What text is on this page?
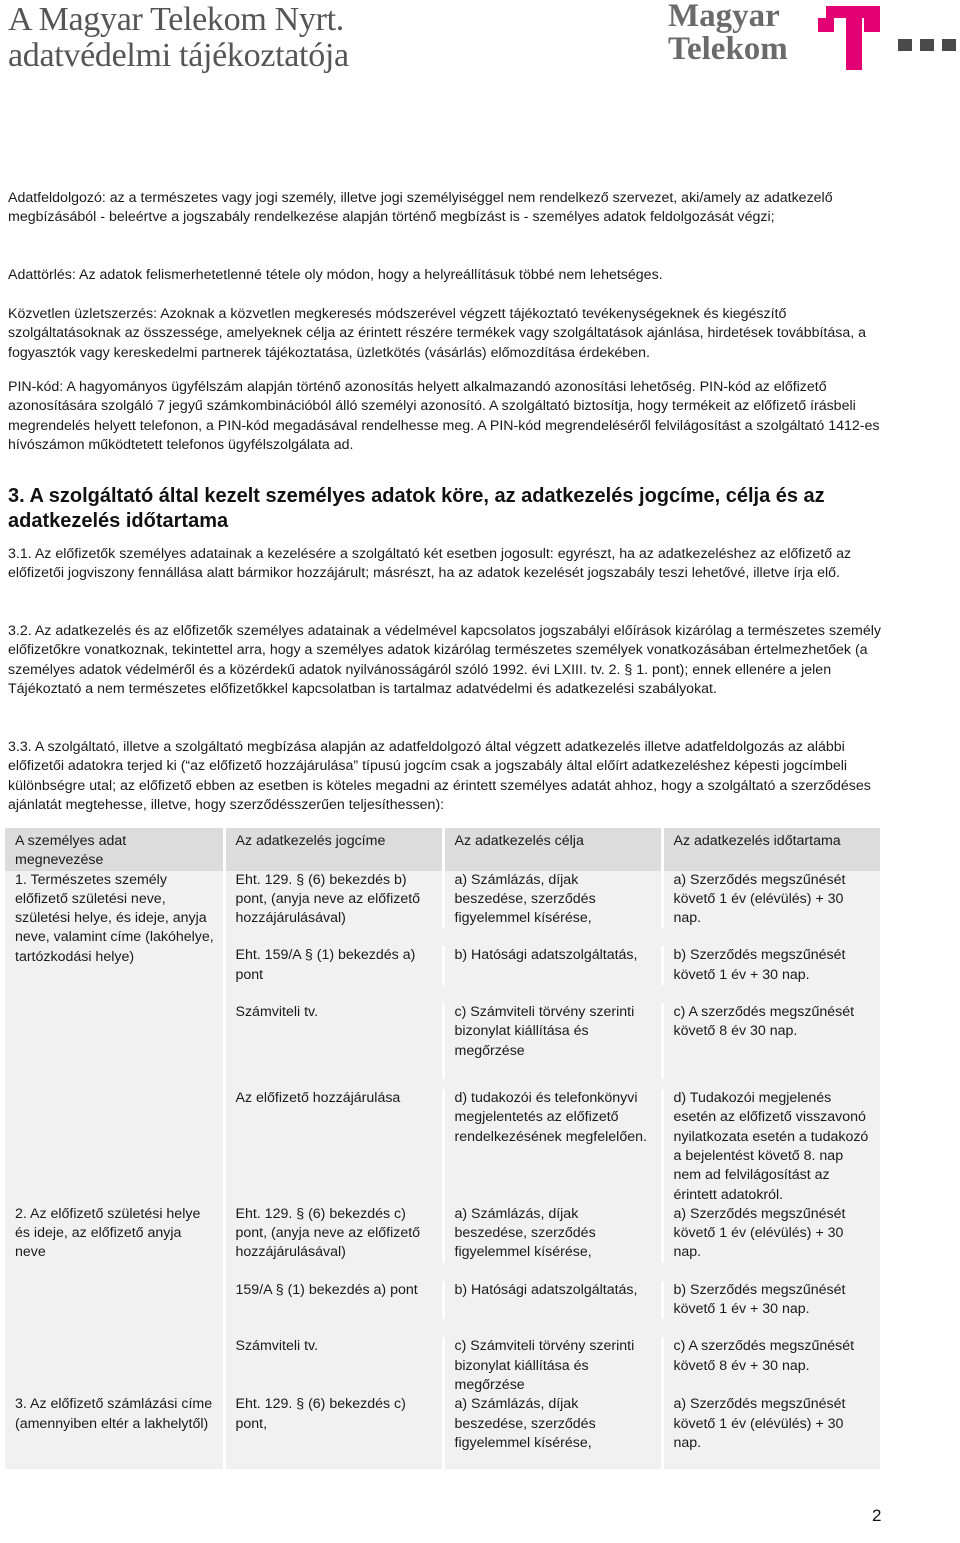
A Magyar Telekom Nyrt.
adatvédelmi tájékoztatója
Magyar
Telekom

Adatfeldolgozó: az a természetes vagy jogi személy, illetve jogi személyiséggel nem rendelkező szervezet, aki/amely az adatkezelő megbízásából - beleértve a jogszabály rendelkezése alapján történő megbízást is - személyes adatok feldolgozását végzi;

Adattörlés: Az adatok felismerhetetlenné tétele oly módon, hogy a helyreállításuk többé nem lehetséges.

Közvetlen üzletszerzés: Azoknak a közvetlen megkeresés módszerével végzett tájékoztató tevékenységeknek és kiegészítő szolgáltatásoknak az összessége, amelyeknek célja az érintett részére termékek vagy szolgáltatások ajánlása, hirdetések továbbítása, a fogyasztók vagy kereskedelmi partnerek tájékoztatása, üzletkötés (vásárlás) előmozdítása érdekében.

PIN-kód: A hagyományos ügyfélszám alapján történő azonosítás helyett alkalmazandó azonosítási lehetőség. PIN-kód az előfizető azonosítására szolgáló 7 jegyű számkombinációból álló személyi azonosító. A szolgáltató biztosítja, hogy termékeit az előfizető írásbeli megrendelés helyett telefonon, a PIN-kód megadásával rendelhesse meg. A PIN-kód megrendeléséről felvilágosítást a szolgáltató 1412-es hívószámon működtetett telefonos ügyfélszolgálata ad.

3. A szolgáltató által kezelt személyes adatok köre, az adatkezelés jogcíme, célja és az adatkezelés időtartama

3.1. Az előfizetők személyes adatainak a kezelésére a szolgáltató két esetben jogosult: egyrészt, ha az adatkezeléshez az előfizető az előfizetői jogviszony fennállása alatt bármikor hozzájárult; másrészt, ha az adatok kezelését jogszabály teszi lehetővé, illetve írja elő.

3.2. Az adatkezelés és az előfizetők személyes adatainak a védelmével kapcsolatos jogszabályi előírások kizárólag a természetes személy előfizetőkre vonatkoznak, tekintettel arra, hogy a személyes adatok kizárólag természetes személyek vonatkozásában értelmezhetőek (a személyes adatok védelméről és a közérdekű adatok nyilvánosságáról szóló 1992. évi LXIII. tv. 2. § 1. pont); ennek ellenére a jelen Tájékoztató a nem természetes előfizetőkkel kapcsolatban is tartalmaz adatvédelmi és adatkezelési szabályokat.

3.3. A szolgáltató, illetve a szolgáltató megbízása alapján az adatfeldolgozó által végzett adatkezelés illetve adatfeldolgozás az alábbi előfizetői adatokra terjed ki (“az előfizető hozzájárulása” típusú jogcím csak a jogszabály által előírt adatkezeléshez képesti jogcímbeli különbségre utal; az előfizető ebben az esetben is köteles megadni az érintett személyes adatát ahhoz, hogy a szolgáltató a szerződéses ajánlatát megtehesse, illetve, hogy szerződésszerűen teljesíthessen):

A személyes adat megnevezése	Az adatkezelés jogcíme	Az adatkezelés célja	Az adatkezelés időtartama
1. Természetes személy előfizető születési neve, születési helye, és ideje, anyja neve, valamint címe (lakóhelye, tartózkodási helye)	Eht. 129. § (6) bekezdés b) pont, (anyja neve az előfizető hozzájárulásával)	a) Számlázás, díjak beszedése, szerződés figyelemmel kísérése,	a) Szerződés megszűnését követő 1 év (elévülés) + 30 nap.

	Eht. 159/A § (1) bekezdés a) pont	b) Hatósági adatszolgáltatás,	b) Szerződés megszűnését követő 1 év + 30 nap.

	Számviteli tv.	c) Számviteli törvény szerinti bizonylat kiállítása és megőrzése	c) A szerződés megszűnését követő 8 év 30 nap.

	Az előfizető hozzájárulása	d) tudakozói és telefonkönyvi megjelentetés az előfizető rendelkezésének megfelelően.	d) Tudakozói megjelenés esetén az előfizető visszavonó nyilatkozata esetén a tudakozó a bejelentést követő 8. nap nem ad felvilágosítást az érintett adatokról.
2. Az előfizető születési helye és ideje, az előfizető anyja neve	Eht. 129. § (6) bekezdés c) pont, (anyja neve az előfizető hozzájárulásával)	a) Számlázás, díjak beszedése, szerződés figyelemmel kísérése,	a) Szerződés megszűnését követő 1 év (elévülés) + 30 nap.

	159/A § (1) bekezdés a) pont	b) Hatósági adatszolgáltatás,	b) Szerződés megszűnését követő 1 év + 30 nap.

	Számviteli tv.	c) Számviteli törvény szerinti bizonylat kiállítása és megőrzése	c) A szerződés megszűnését követő 8 év + 30 nap.
3. Az előfizető számlázási címe (amennyiben eltér a lakhelytől)	Eht. 129. § (6) bekezdés c) pont,	a) Számlázás, díjak beszedése, szerződés figyelemmel kísérése,	a) Szerződés megszűnését követő 1 év (elévülés) + 30 nap.
2
